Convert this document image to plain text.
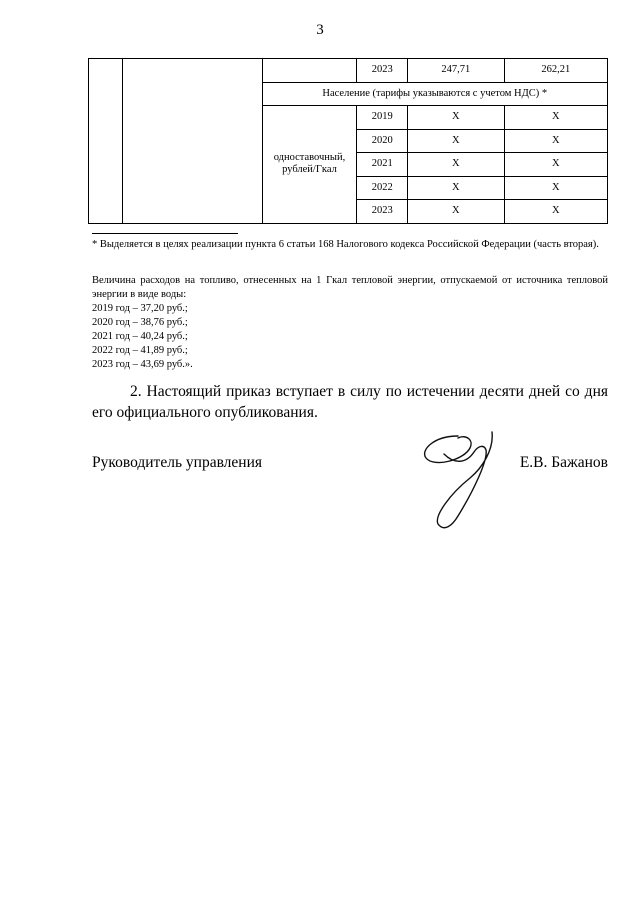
3
			2023	247,71	262,21
		Население (тарифы указываются с учетом НДС) *			
		одноставочный, рублей/Гкал	2019	Х	Х
			2020	Х	Х
			2021	Х	Х
			2022	Х	Х
			2023	Х	Х
* Выделяется в целях реализации пункта 6 статьи 168 Налогового кодекса Российской Федерации (часть вторая).

Величина расходов на топливо, отнесенных на 1 Гкал тепловой энергии, отпускаемой от источника тепловой энергии в виде воды:

2019 год – 37,20 руб.;

2020 год – 38,76 руб.;

2021 год – 40,24 руб.;

2022 год – 41,89 руб.;

2023 год – 43,69 руб.».

2. Настоящий приказ вступает в силу по истечении десяти дней со дня его официального опубликования.
Руководитель управления	Е.В. Бажанов
